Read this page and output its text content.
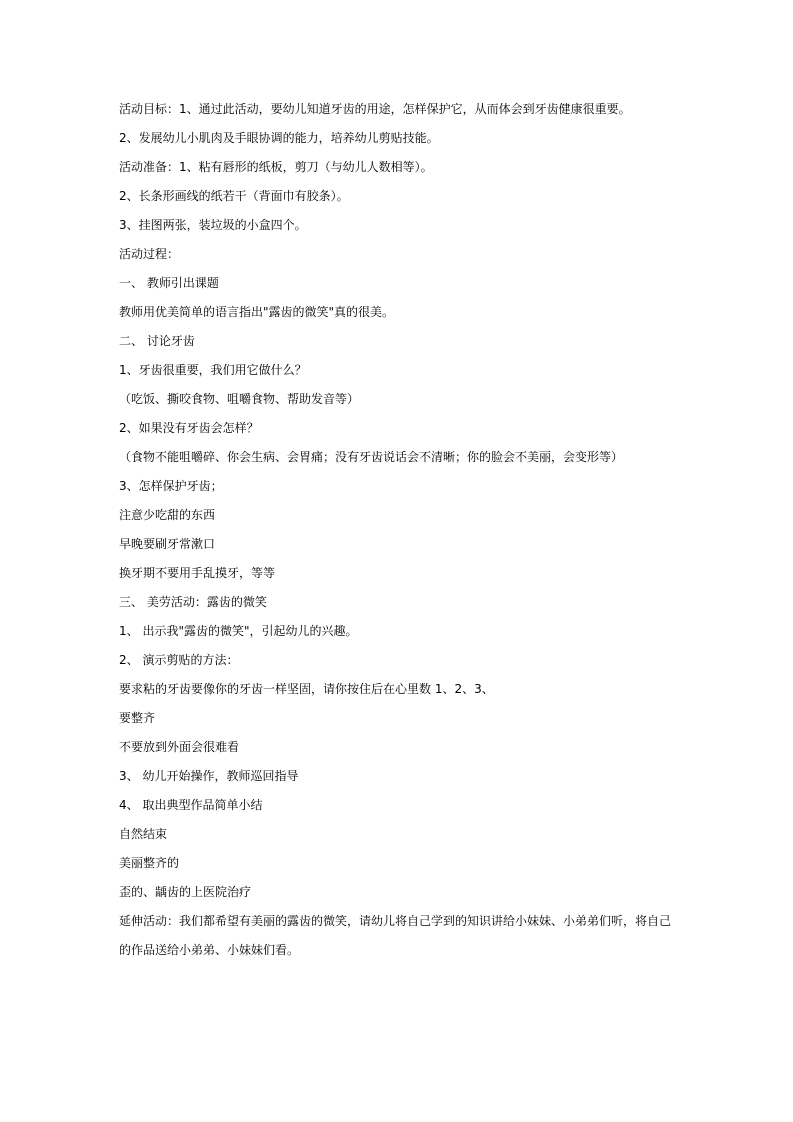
活动目标：1、通过此活动，要幼儿知道牙齿的用途，怎样保护它，从而体会到牙齿健康很重要。
2、发展幼儿小肌肉及手眼协调的能力，培养幼儿剪贴技能。
活动准备：1、粘有唇形的纸板，剪刀（与幼儿人数相等）。
2、长条形画线的纸若干（背面巾有胶条）。
3、挂图两张，装垃圾的小盒四个。
活动过程：
一、 教师引出课题
教师用优美简单的语言指出"露齿的微笑"真的很美。
二、 讨论牙齿
1、牙齿很重要，我们用它做什么？
（吃饭、撕咬食物、咀嚼食物、帮助发音等）
2、如果没有牙齿会怎样？
（食物不能咀嚼碎、你会生病、会胃痛；没有牙齿说话会不清晰；你的脸会不美丽，会变形等）
3、怎样保护牙齿；
注意少吃甜的东西
早晚要刷牙常漱口
换牙期不要用手乱摸牙，等等
三、 美劳活动：露齿的微笑
1、 出示我"露齿的微笑"，引起幼儿的兴趣。
2、 演示剪贴的方法：
要求粘的牙齿要像你的牙齿一样坚固，请你按住后在心里数 1、2、3、
要整齐
不要放到外面会很难看
3、 幼儿开始操作，教师巡回指导
4、 取出典型作品简单小结
自然结束
美丽整齐的
歪的、龋齿的上医院治疗
延伸活动：我们都希望有美丽的露齿的微笑，请幼儿将自己学到的知识讲给小妹妹、小弟弟们听，将自己
的作品送给小弟弟、小妹妹们看。
